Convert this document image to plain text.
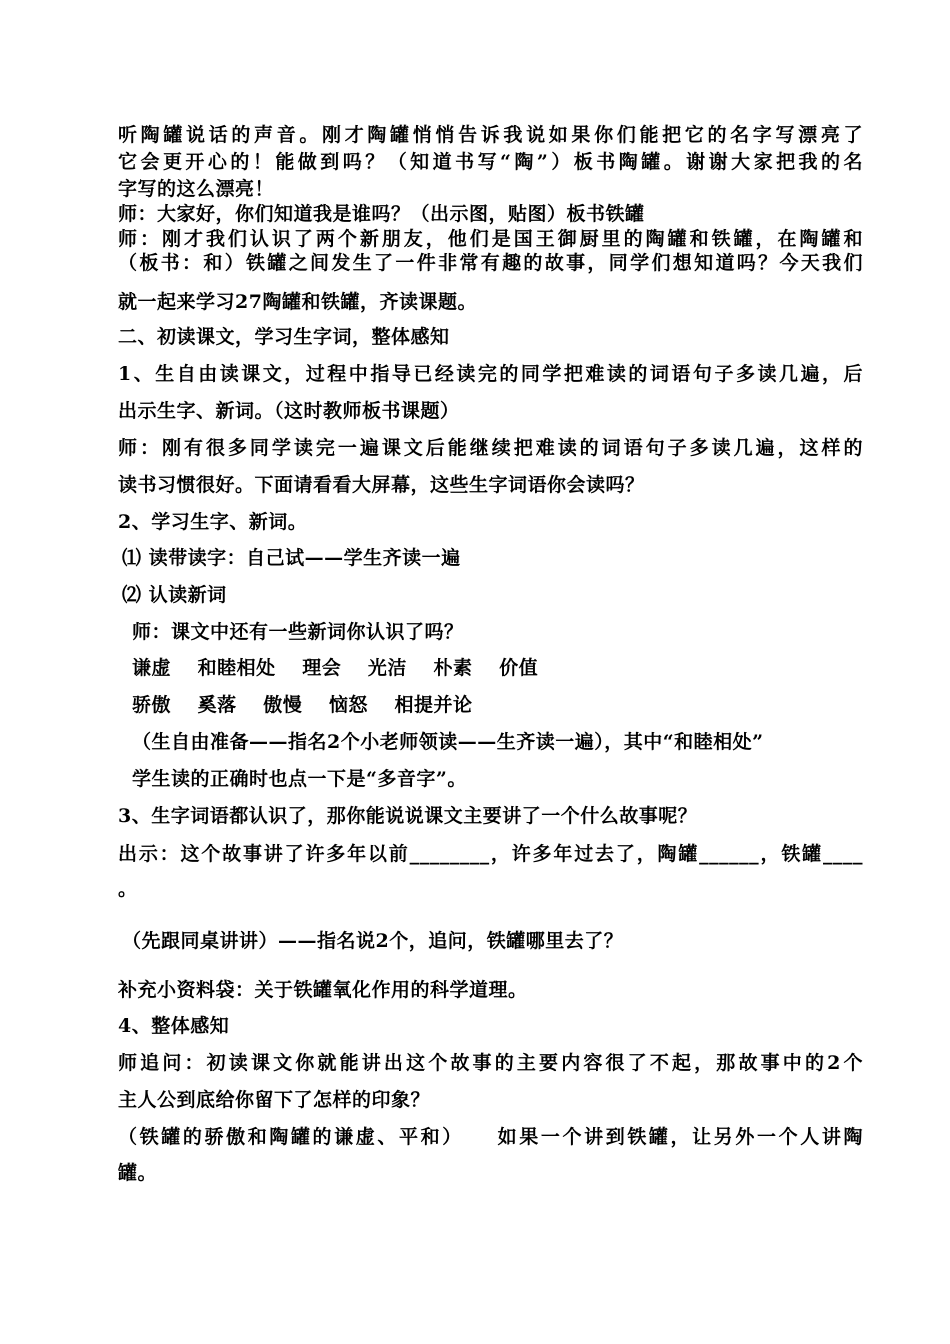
听陶罐说话的声音。刚才陶罐悄悄告诉我说如果你们能把它的名字写漂亮了
它会更开心的！能做到吗？（知道书写“陶”）板书陶罐。谢谢大家把我的名
字写的这么漂亮！
师：大家好，你们知道我是谁吗？（出示图，贴图）板书铁罐
师：刚才我们认识了两个新朋友，他们是国王御厨里的陶罐和铁罐，在陶罐和
（板书：和）铁罐之间发生了一件非常有趣的故事，同学们想知道吗？今天我们
就一起来学习27陶罐和铁罐，齐读课题。
二、初读课文，学习生字词，整体感知
1、生自由读课文，过程中指导已经读完的同学把难读的词语句子多读几遍，后
出示生字、新词。（这时教师板书课题）
师：刚有很多同学读完一遍课文后能继续把难读的词语句子多读几遍，这样的
读书习惯很好。下面请看看大屏幕，这些生字词语你会读吗？
2、学习生字、新词。
⑴ 读带读字：自己试——学生齐读一遍
⑵ 认读新词
师：课文中还有一些新词你认识了吗？
谦虚　 和睦相处　 理会　 光洁　 朴素　 价值
骄傲　 奚落　 傲慢　 恼怒　 相提并论
（生自由准备——指名2个小老师领读——生齐读一遍），其中“和睦相处”
学生读的正确时也点一下是“多音字”。
3、生字词语都认识了，那你能说说课文主要讲了一个什么故事呢？
出示：这个故事讲了许多年以前________，许多年过去了，陶罐______，铁罐____
。
（先跟同桌讲讲）——指名说2个，追问，铁罐哪里去了？
补充小资料袋：关于铁罐氧化作用的科学道理。
4、整体感知
师追问：初读课文你就能讲出这个故事的主要内容很了不起，那故事中的2个
主人公到底给你留下了怎样的印象？
（铁罐的骄傲和陶罐的谦虚、平和）　　如果一个讲到铁罐，让另外一个人讲陶
罐。
